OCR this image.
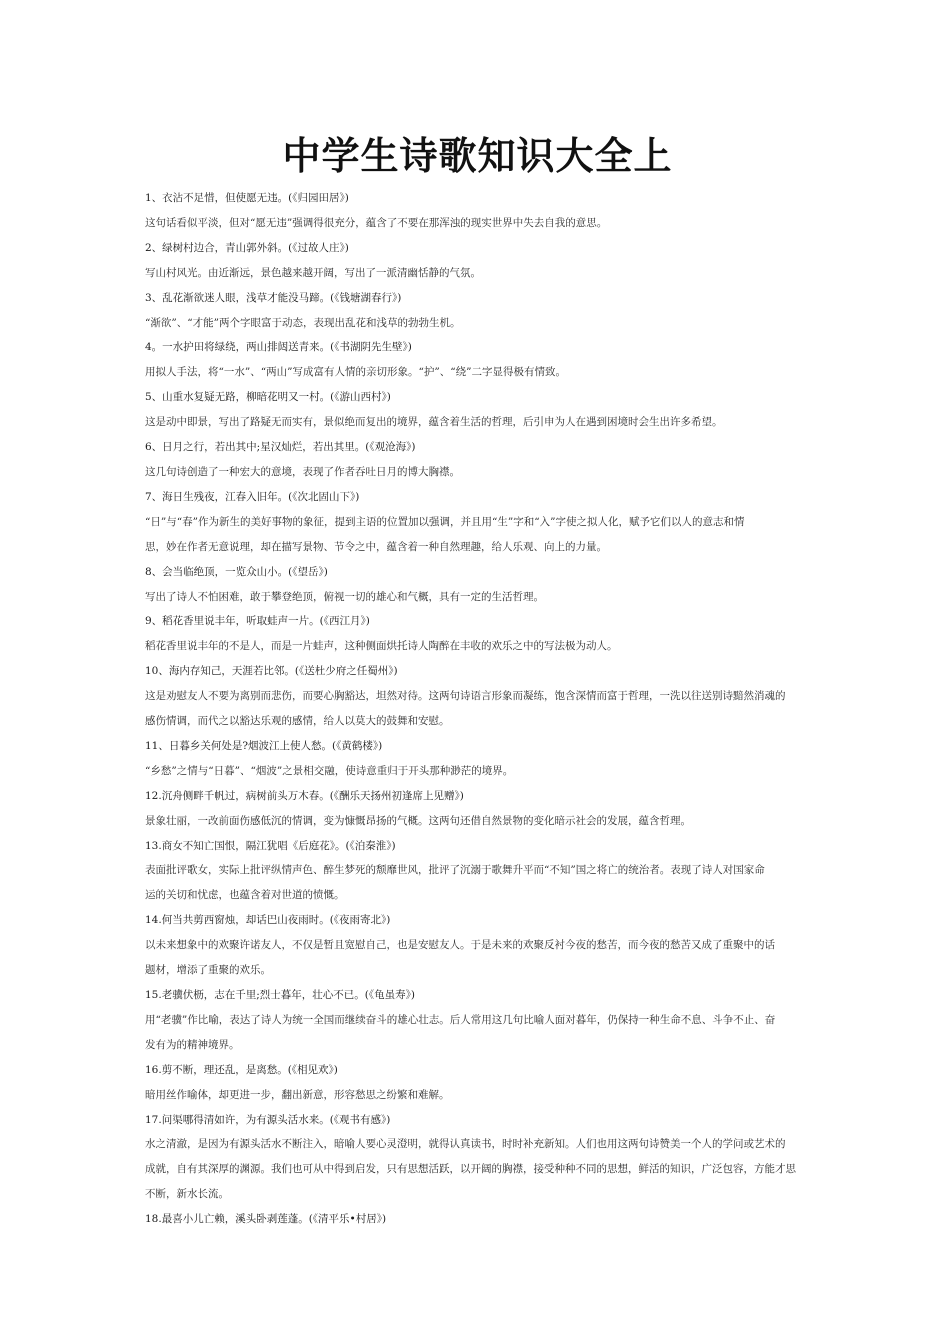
中学生诗歌知识大全上

1、衣沾不足惜，但使愿无违。(《归园田居》)

这句话看似平淡，但对“愿无违”强调得很充分，蕴含了不要在那浑浊的现实世界中失去自我的意思。

2、绿树村边合，青山郭外斜。(《过故人庄》)

写山村风光。由近渐远，景色越来越开阔，写出了一派清幽恬静的气氛。

3、乱花渐欲迷人眼，浅草才能没马蹄。(《钱塘湖春行》)

“渐欲”、“才能”两个字眼富于动态，表现出乱花和浅草的勃勃生机。

4。一水护田将绿绕，两山排闼送青来。(《书湖阴先生壁》)

用拟人手法，将“一水”、“两山”写成富有人情的亲切形象。“护”、“绕”二字显得极有情致。

5、山重水复疑无路，柳暗花明又一村。(《游山西村》)

这是动中即景，写出了路疑无而实有，景似绝而复出的境界，蕴含着生活的哲理，后引申为人在遇到困境时会生出许多希望。

6、日月之行，若出其中;星汉灿烂，若出其里。(《观沧海》)

这几句诗创造了一种宏大的意境，表现了作者吞吐日月的博大胸襟。

7、海日生残夜，江春入旧年。(《次北固山下》)

“日”与“春”作为新生的美好事物的象征，提到主语的位置加以强调，并且用“生”字和“入”字使之拟人化，赋予它们以人的意志和情

思，妙在作者无意说理，却在描写景物、节令之中，蕴含着一种自然理趣，给人乐观、向上的力量。

8、会当临绝顶，一览众山小。(《望岳》)

写出了诗人不怕困难，敢于攀登绝顶，俯视一切的雄心和气概，具有一定的生活哲理。

9、稻花香里说丰年，听取蛙声一片。(《西江月》)

稻花香里说丰年的不是人，而是一片蛙声，这种侧面烘托诗人陶醉在丰收的欢乐之中的写法极为动人。

10、海内存知己，天涯若比邻。(《送杜少府之任蜀州》)

这是劝慰友人不要为离别而悲伤，而要心胸豁达，坦然对待。这两句诗语言形象而凝练，饱含深情而富于哲理，一洗以往送别诗黯然消魂的

感伤情调，而代之以豁达乐观的感情，给人以莫大的鼓舞和安慰。

11、日暮乡关何处是?烟波江上使人愁。(《黄鹤楼》)

“乡愁”之情与“日暮”、“烟波”之景相交融，使诗意重归于开头那种渺茫的境界。

12.沉舟侧畔千帆过，病树前头万木春。(《酬乐天扬州初逢席上见赠》)

景象壮丽，一改前面伤感低沉的情调，变为慷慨昂扬的气概。这两句还借自然景物的变化暗示社会的发展，蕴含哲理。

13.商女不知亡国恨，隔江犹唱《后庭花》。(《泊秦淮》)

表面批评歌女，实际上批评纵情声色、醉生梦死的颓靡世风，批评了沉溺于歌舞升平而“不知”国之将亡的统治者。表现了诗人对国家命

运的关切和忧虑，也蕴含着对世道的愤慨。

14.何当共剪西窗烛，却话巴山夜雨时。(《夜雨寄北》)

以未来想象中的欢聚许诺友人，不仅是暂且宽慰自己，也是安慰友人。于是未来的欢聚反衬今夜的愁苦，而今夜的愁苦又成了重聚中的话

题材，增添了重聚的欢乐。

15.老骥伏枥，志在千里;烈士暮年，壮心不已。(《龟虽寿》)

用“老骥”作比喻，表达了诗人为统一全国而继续奋斗的雄心壮志。后人常用这几句比喻人面对暮年，仍保持一种生命不息、斗争不止、奋

发有为的精神境界。

16.剪不断，理还乱，是离愁。(《相见欢》)

暗用丝作喻体，却更进一步，翻出新意，形容愁思之纷繁和难解。

17.问渠哪得清如许，为有源头活水来。(《观书有感》)

水之清澈，是因为有源头活水不断注入，暗喻人要心灵澄明，就得认真读书，时时补充新知。人们也用这两句诗赞美一个人的学问或艺术的

成就，自有其深厚的渊源。我们也可从中得到启发，只有思想活跃，以开阔的胸襟，接受种种不同的思想，鲜活的知识，广泛包容，方能才思

不断，新水长流。

18.最喜小儿亡赖，溪头卧剥莲蓬。(《清平乐•村居》)
